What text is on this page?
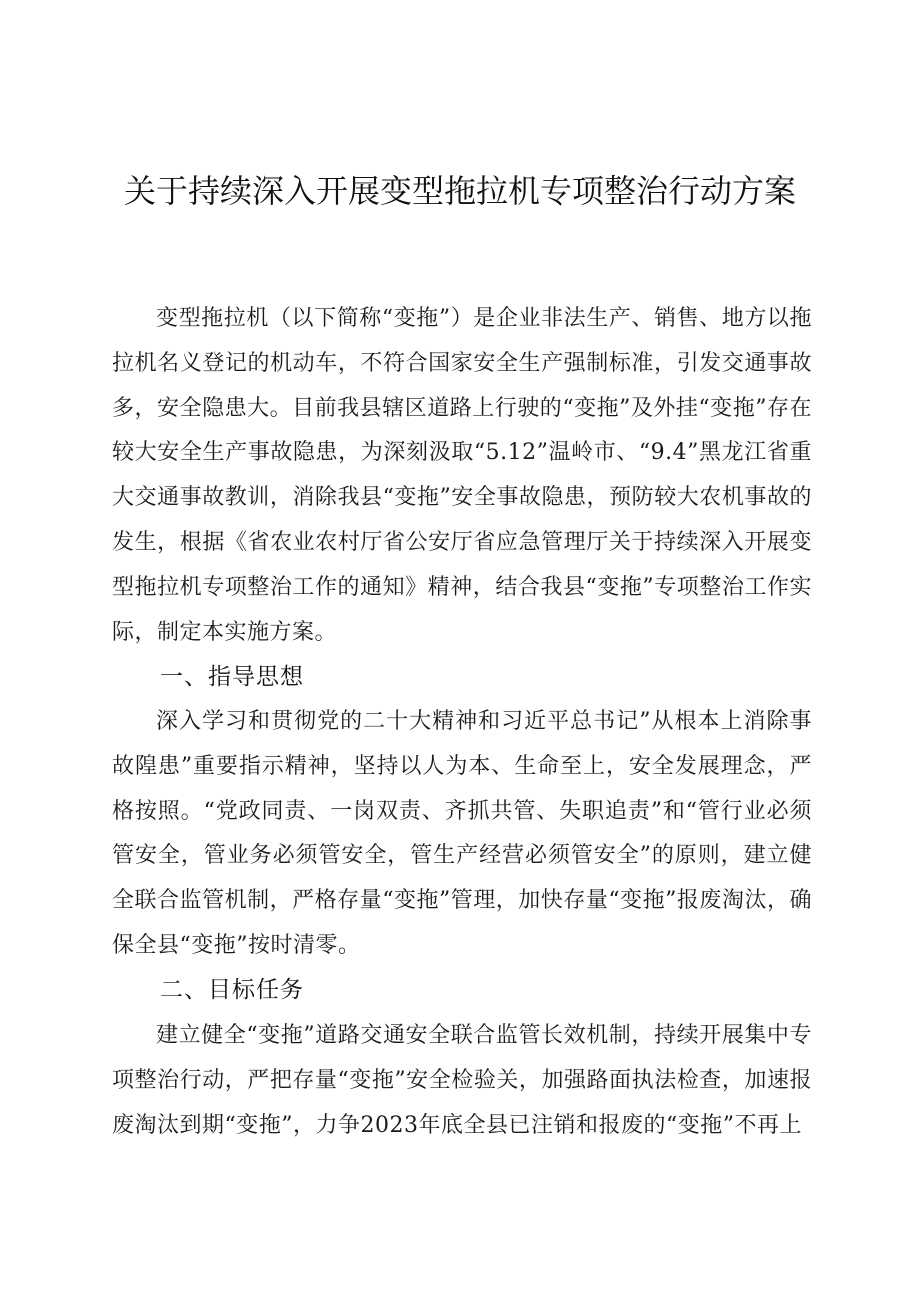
关于持续深入开展变型拖拉机专项整治行动方案

变型拖拉机（以下简称“变拖”）是企业非法生产、销售、地方以拖拉机名义登记的机动车，不符合国家安全生产强制标准，引发交通事故多，安全隐患大。目前我县辖区道路上行驶的“变拖”及外挂“变拖”存在较大安全生产事故隐患，为深刻汲取“5.12”温岭市、“9.4”黑龙江省重大交通事故教训，消除我县“变拖”安全事故隐患，预防较大农机事故的发生，根据《省农业农村厅省公安厅省应急管理厅关于持续深入开展变型拖拉机专项整治工作的通知》精神，结合我县“变拖”专项整治工作实际，制定本实施方案。

一、指导思想

深入学习和贯彻党的二十大精神和习近平总书记”从根本上消除事故隍患”重要指示精神，坚持以人为本、生命至上，安全发展理念，严格按照。“党政同责、一岗双责、齐抓共管、失职追责”和“管行业必须管安全，管业务必须管安全，管生产经营必须管安全”的原则，建立健全联合监管机制，严格存量“变拖”管理，加快存量“变拖”报废淘汰，确保全县“变拖”按时清零。

二、目标任务

建立健全“变拖”道路交通安全联合监管长效机制，持续开展集中专项整治行动，严把存量“变拖”安全检验关，加强路面执法检查，加速报废淘汰到期“变拖”，力争2023年底全县已注销和报废的“变拖”不再上
